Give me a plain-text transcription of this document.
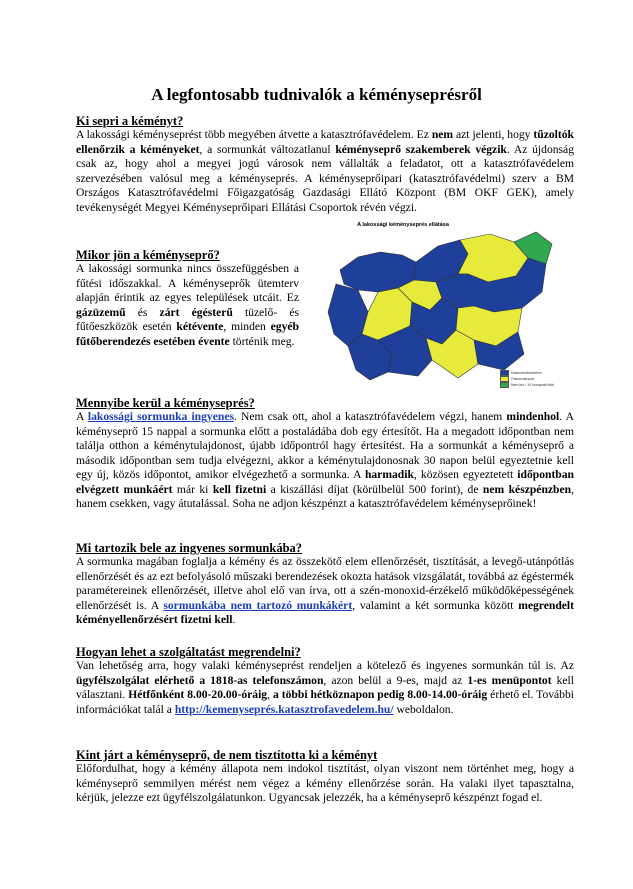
A legfontosabb tudnivalók a kéményseprésről
Ki sepri a kéményt?

A lakossági kéményseprést több megyében átvette a katasztrófavédelem. Ez nem azt jelenti, hogy tűzoltók ellenőrzik a kéményeket, a sormunkát változatlanul kéményseprő szakemberek végzik. Az újdonság csak az, hogy ahol a megyei jogú városok nem vállalták a feladatot, ott a katasztrófavédelem szervezésében valósul meg a kéményseprés. A kéményseprőipari (katasztrófavédelmi) szerv a BM Országos Katasztrófavédelmi Főigazgatóság Gazdasági Ellátó Központ (BM OKF GEK), amely tevékenységét Megyei Kéményseprőipari Ellátási Csoportok révén végzi.

Mikor jön a kéményseprő?

A lakossági sormunka nincs összefüggésben a fűtési időszakkal. A kéményseprők ütemterv alapján érintik az egyes települések utcáit. Ez gázüzemű és zárt égésterű tüzelő- és fűtőeszközök esetén kétévente, minden egyéb fűtőberendezés esetében évente történik meg.

A lakossági kéményseprés ellátása
Katasztrófavédelem
Önkormányzat
Nem kér / 10 hónapnál több
Mennyibe kerül a kéményseprés?

A lakossági sormunka ingyenes. Nem csak ott, ahol a katasztrófavédelem végzi, hanem mindenhol. A kéményseprő 15 nappal a sormunka előtt a postaládába dob egy értesítőt. Ha a megadott időpontban nem találja otthon a kéménytulajdonost, újabb időpontról hagy értesítést. Ha a sormunkát a kéményseprő a második időpontban sem tudja elvégezni, akkor a kéménytulajdonosnak 30 napon belül egyeztetnie kell egy új, közös időpontot, amikor elvégezhető a sormunka. A harmadik, közösen egyeztetett időpontban elvégzett munkáért már ki kell fizetni a kiszállási díjat (körülbelül 500 forint), de nem készpénzben, hanem csekken, vagy átutalással. Soha ne adjon készpénzt a katasztrófavédelem kéményseprőinek!

Mi tartozik bele az ingyenes sormunkába?

A sormunka magában foglalja a kémény és az összekötő elem ellenőrzését, tisztítását, a levegő-utánpótlás ellenőrzését és az ezt befolyásoló műszaki berendezések okozta hatások vizsgálatát, továbbá az égéstermék paramétereinek ellenőrzését, illetve ahol elő van írva, ott a szén-monoxid-érzékelő működőképességének ellenőrzését is. A sormunkába nem tartozó munkákért, valamint a két sormunka között megrendelt kéményellenőrzésért fizetni kell.

Hogyan lehet a szolgáltatást megrendelni?

Van lehetőség arra, hogy valaki kéményseprést rendeljen a kötelező és ingyenes sormunkán túl is. Az ügyfélszolgálat elérhető a 1818-as telefonszámon, azon belül a 9-es, majd az 1-es menüpontot kell választani. Hétfőnként 8.00-20.00-óráig, a többi hétköznapon pedig 8.00-14.00-óráig érhető el. További információkat talál a http://kemenyseprés.katasztrofavedelem.hu/ weboldalon.

Kint járt a kéményseprő, de nem tisztította ki a kéményt

Előfordulhat, hogy a kémény állapota nem indokol tisztítást, olyan viszont nem történhet meg, hogy a kéményseprő semmilyen mérést nem végez a kémény ellenőrzése során. Ha valaki ilyet tapasztalna, kérjük, jelezze ezt ügyfélszolgálatunkon. Ugyancsak jelezzék, ha a kéményseprő készpénzt fogad el.
